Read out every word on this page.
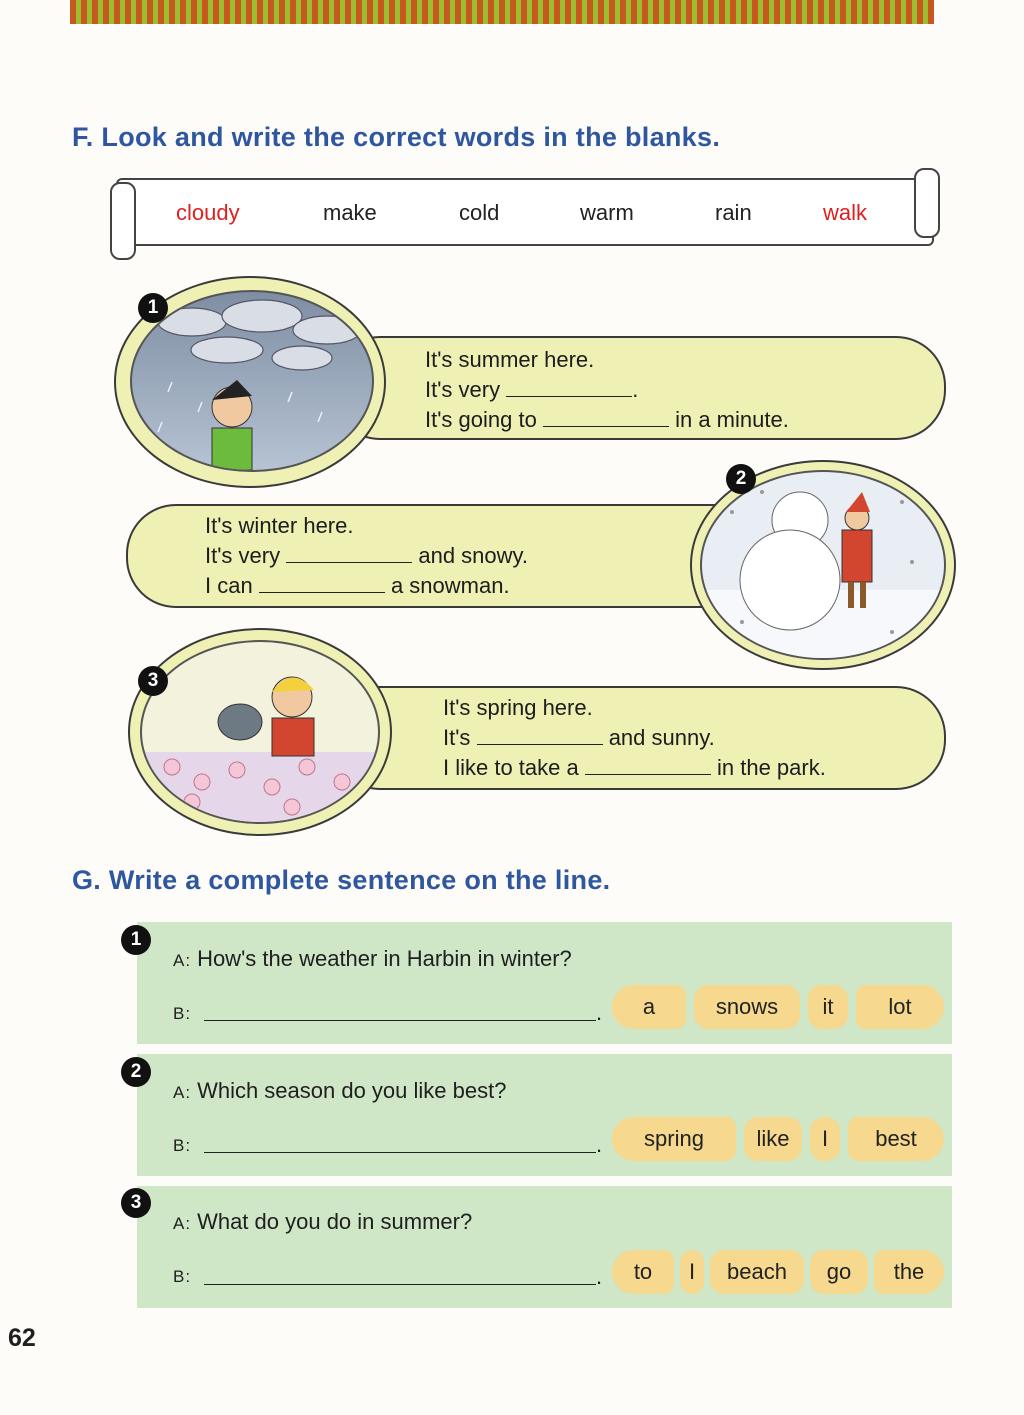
F. Look and write the correct words in the blanks.
cloudy	make	cold	warm	rain	walk
1
It's summer here.
It's very	.
It's going to	in a minute.
2
It's winter here.
It's very	and snowy.
I can	a snowman.
3
It's spring here.
It's	and sunny.
I like to take a	in the park.
G. Write a complete sentence on the line.
1
A: How's the weather in Harbin in winter?
B:	.	a	snows	it	lot
2
A: Which season do you like best?
B:	.	spring	like	I	best
3
A: What do you do in summer?
B:	.	to	I	beach	go	the
62
